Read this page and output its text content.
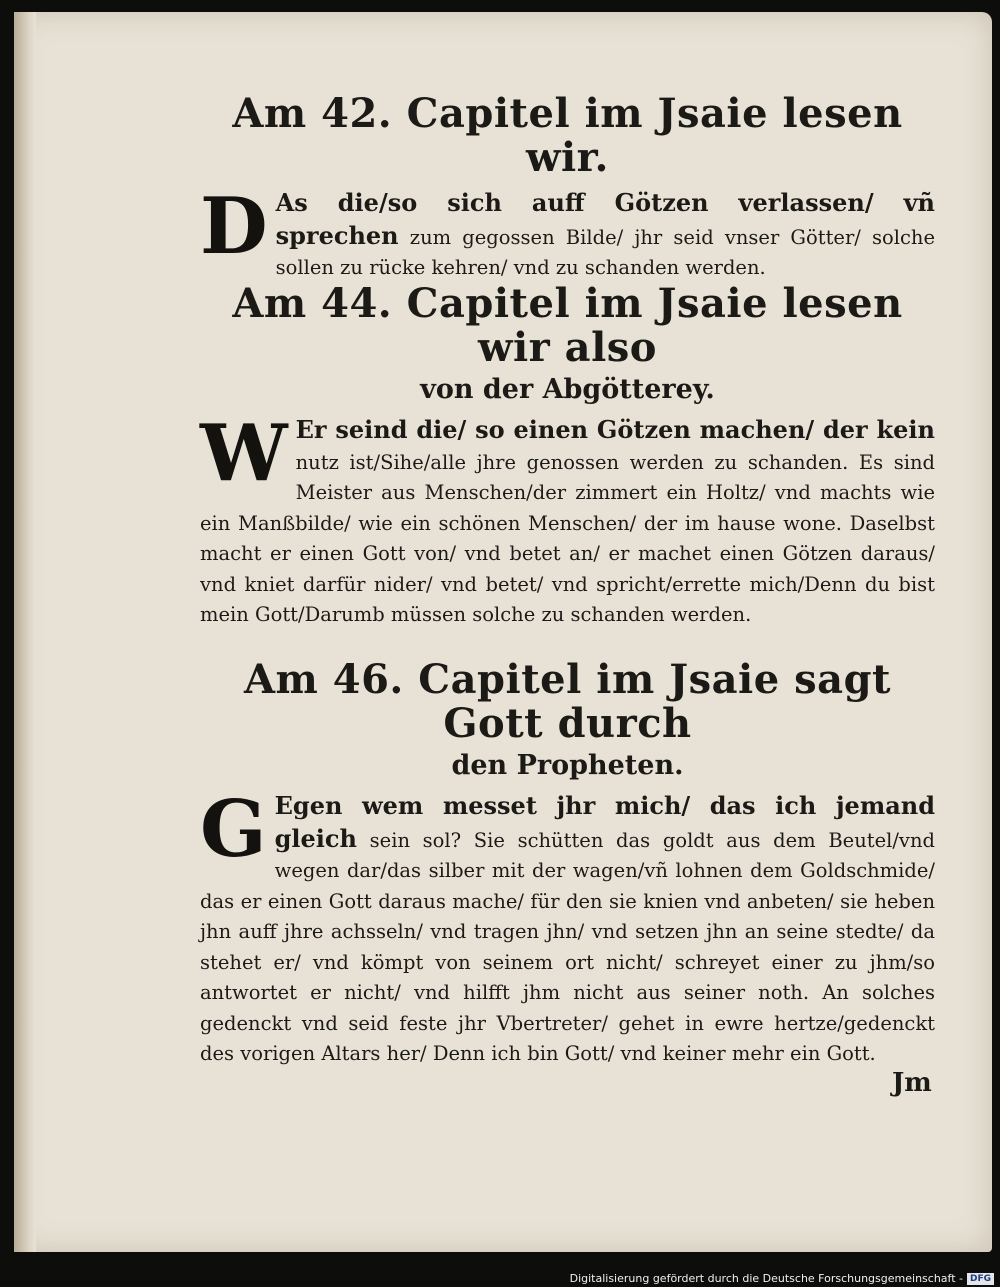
Am 42. Capitel im Jsaie lesen wir.
D As die/so sich auff Götzen verlassen/ vñ sprechen zum gegossen Bilde/ jhr seid vnser Götter/ solche sollen zu rücke kehren/ vnd zu schanden werden.

Am 44. Capitel im Jsaie lesen wir also
von der Abgötterey.
W Er seind die/ so einen Götzen machen/ der kein nutz ist/Sihe/alle jhre genossen werden zu schanden. Es sind Meister aus Menschen/der zimmert ein Holtz/ vnd machts wie ein Manßbilde/ wie ein schönen Menschen/ der im hause wone. Daselbst macht er einen Gott von/ vnd betet an/ er machet einen Götzen daraus/ vnd kniet darfür nider/ vnd betet/ vnd spricht/errette mich/Denn du bist mein Gott/Darumb müssen solche zu schanden werden.

Am 46. Capitel im Jsaie sagt Gott durch
den Propheten.
G Egen wem messet jhr mich/ das ich jemand gleich sein sol? Sie schütten das goldt aus dem Beutel/vnd wegen dar/das silber mit der wagen/vñ lohnen dem Goldschmide/ das er einen Gott daraus mache/ für den sie knien vnd anbeten/ sie heben jhn auff jhre achsseln/ vnd tragen jhn/ vnd setzen jhn an seine stedte/ da stehet er/ vnd kömpt von seinem ort nicht/ schreyet einer zu jhm/so antwortet er nicht/ vnd hilfft jhm nicht aus seiner noth. An solches gedenckt vnd seid feste jhr Vbertreter/ gehet in ewre hertze/gedenckt des vorigen Altars her/ Denn ich bin Gott/ vnd keiner mehr ein Gott.

Jm
Digitalisierung gefördert durch die Deutsche Forschungsgemeinschaft - DFG
